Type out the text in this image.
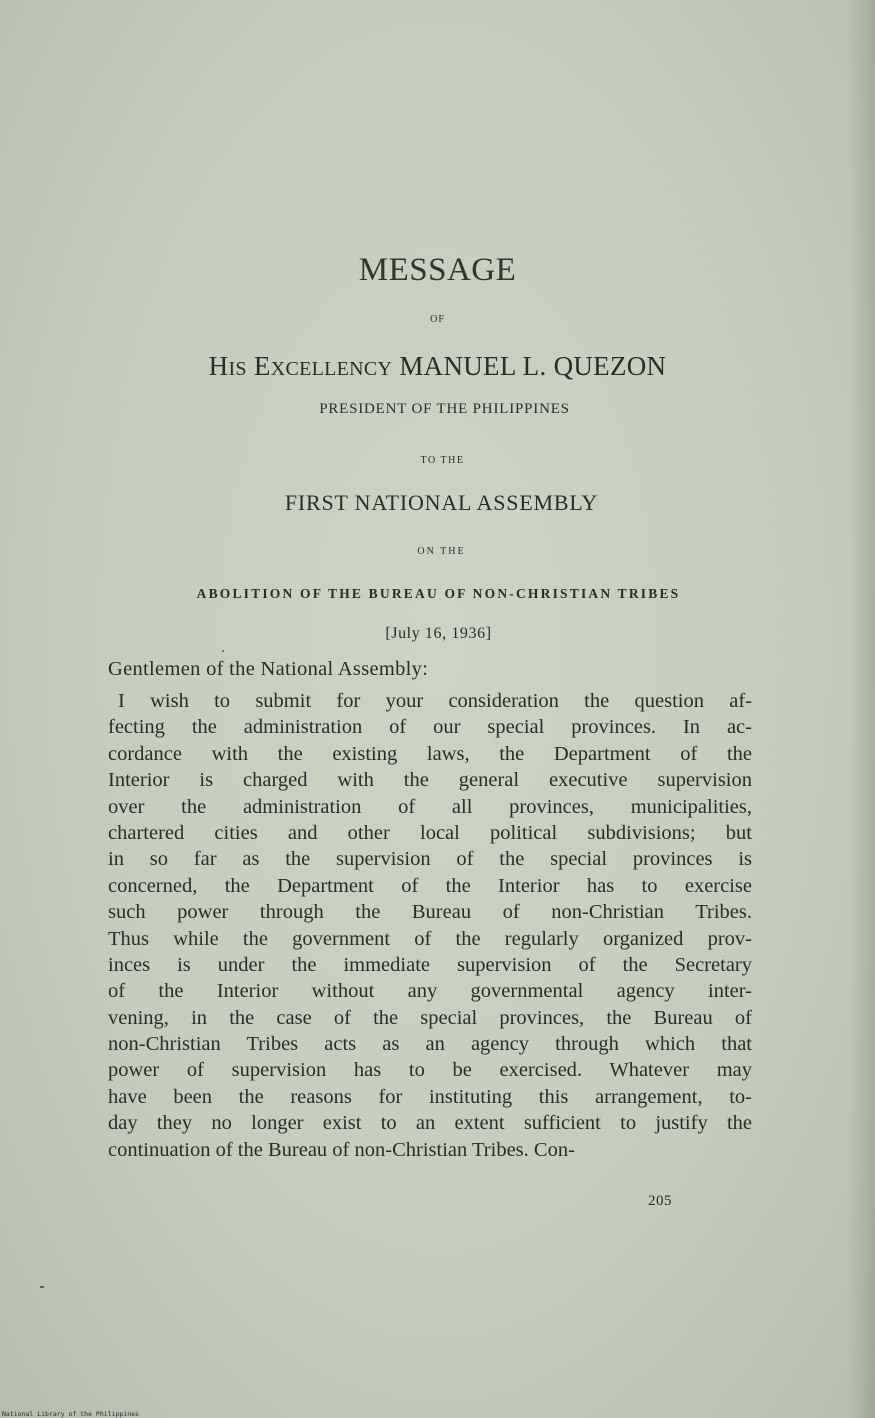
MESSAGE
OF
HIS EXCELLENCY MANUEL L. QUEZON
PRESIDENT OF THE PHILIPPINES
TO THE
FIRST NATIONAL ASSEMBLY
ON THE
ABOLITION OF THE BUREAU OF NON-CHRISTIAN TRIBES
[July 16, 1936]
Gentlemen of the National Assembly:
I wish to submit for your consideration the question af-
fecting the administration of our special provinces. In ac-
cordance with the existing laws, the Department of the
Interior is charged with the general executive supervision
over the administration of all provinces, municipalities,
chartered cities and other local political subdivisions; but
in so far as the supervision of the special provinces is
concerned, the Department of the Interior has to exercise
such power through the Bureau of non-Christian Tribes.
Thus while the government of the regularly organized prov-
inces is under the immediate supervision of the Secretary
of the Interior without any governmental agency inter-
vening, in the case of the special provinces, the Bureau of
non-Christian Tribes acts as an agency through which that
power of supervision has to be exercised. Whatever may
have been the reasons for instituting this arrangement, to-
day they no longer exist to an extent sufficient to justify the
continuation of the Bureau of non-Christian Tribes. Con-
205
National Library of the Philippines
